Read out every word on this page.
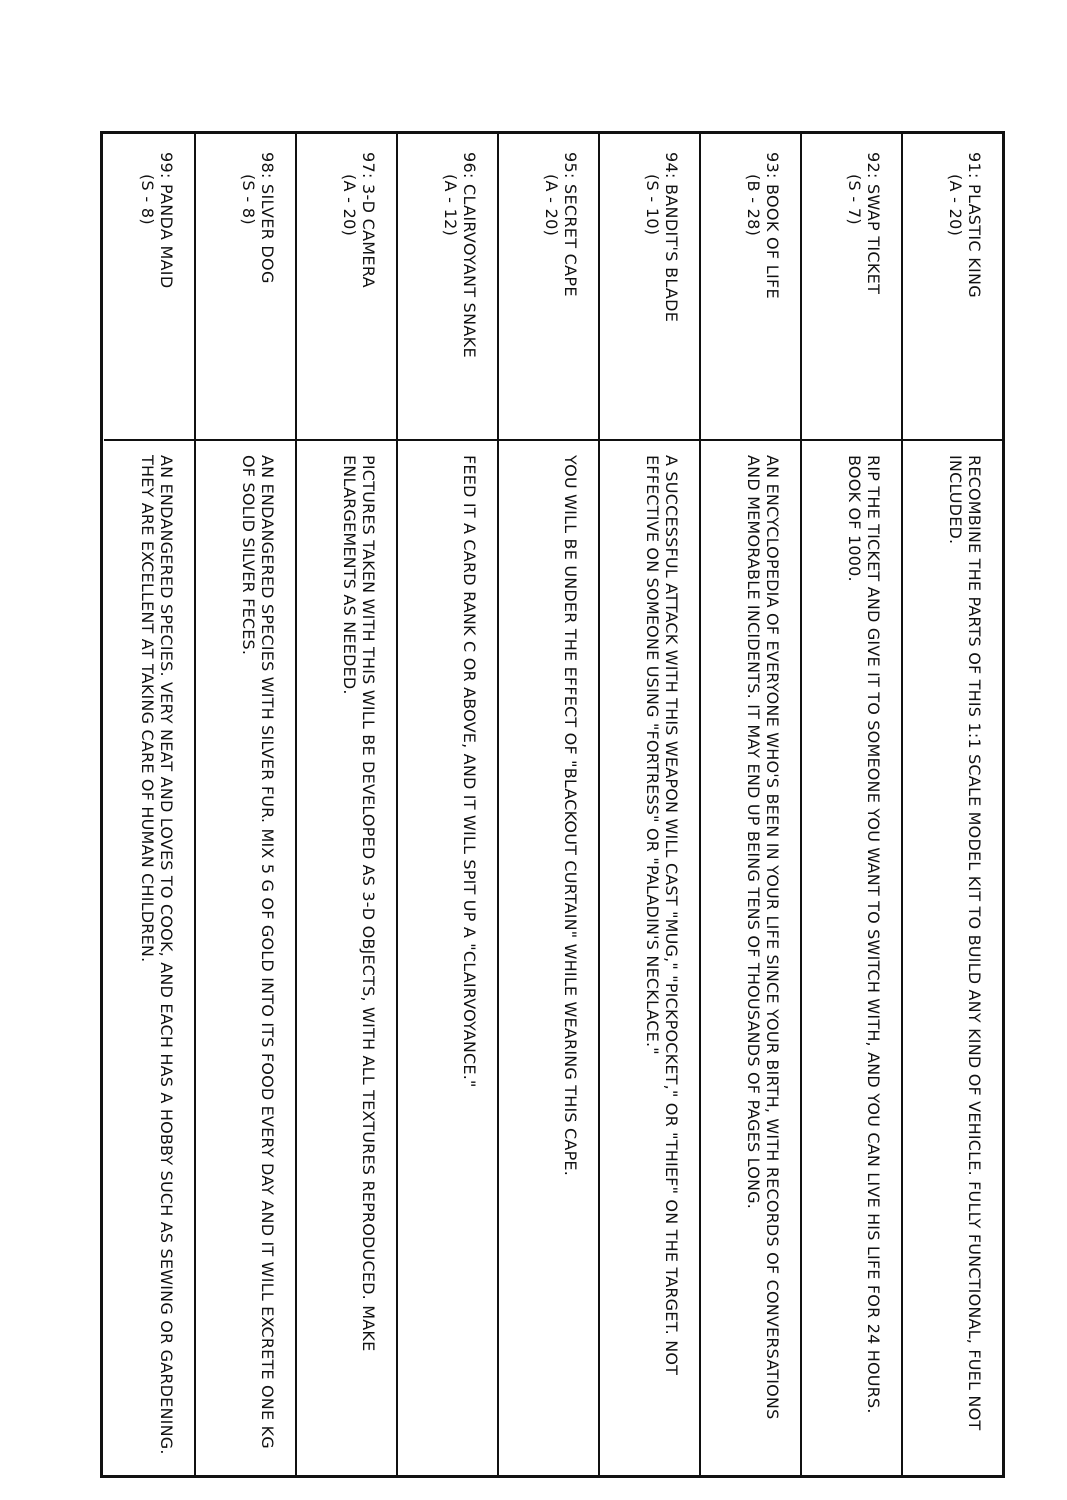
91: PLASTIC KING
(A - 20)
RECOMBINE THE PARTS OF THIS 1:1 SCALE MODEL KIT TO BUILD ANY KIND OF VEHICLE. FULLY FUNCTIONAL, FUEL NOT INCLUDED.
92: SWAP TICKET
(S - 7)
RIP THE TICKET AND GIVE IT TO SOMEONE YOU WANT TO SWITCH WITH, AND YOU CAN LIVE HIS LIFE FOR 24 HOURS. BOOK OF 1000.
93: BOOK OF LIFE
(B - 28)
AN ENCYCLOPEDIA OF EVERYONE WHO'S BEEN IN YOUR LIFE SINCE YOUR BIRTH, WITH RECORDS OF CONVERSATIONS AND MEMORABLE INCIDENTS. IT MAY END UP BEING TENS OF THOUSANDS OF PAGES LONG.
94: BANDIT'S BLADE
(S - 10)
A SUCCESSFUL ATTACK WITH THIS WEAPON WILL CAST "MUG," "PICKPOCKET," OR "THIEF" ON THE TARGET. NOT EFFECTIVE ON SOMEONE USING "FORTRESS" OR "PALADIN'S NECKLACE."
95: SECRET CAPE
(A - 20)
YOU WILL BE UNDER THE EFFECT OF "BLACKOUT CURTAIN" WHILE WEARING THIS CAPE.
96: CLAIRVOYANT SNAKE
(A - 12)
FEED IT A CARD RANK C OR ABOVE, AND IT WILL SPIT UP A "CLAIRVOYANCE."
97: 3-D CAMERA
(A - 20)
PICTURES TAKEN WITH THIS WILL BE DEVELOPED AS 3-D OBJECTS, WITH ALL TEXTURES REPRODUCED. MAKE ENLARGEMENTS AS NEEDED.
98: SILVER DOG
(S - 8)
AN ENDANGERED SPECIES WITH SILVER FUR. MIX 5 G OF GOLD INTO ITS FOOD EVERY DAY AND IT WILL EXCRETE ONE KG OF SOLID SILVER FECES.
99: PANDA MAID
(S - 8)
AN ENDANGERED SPECIES. VERY NEAT AND LOVES TO COOK, AND EACH HAS A HOBBY SUCH AS SEWING OR GARDENING. THEY ARE EXCELLENT AT TAKING CARE OF HUMAN CHILDREN.
